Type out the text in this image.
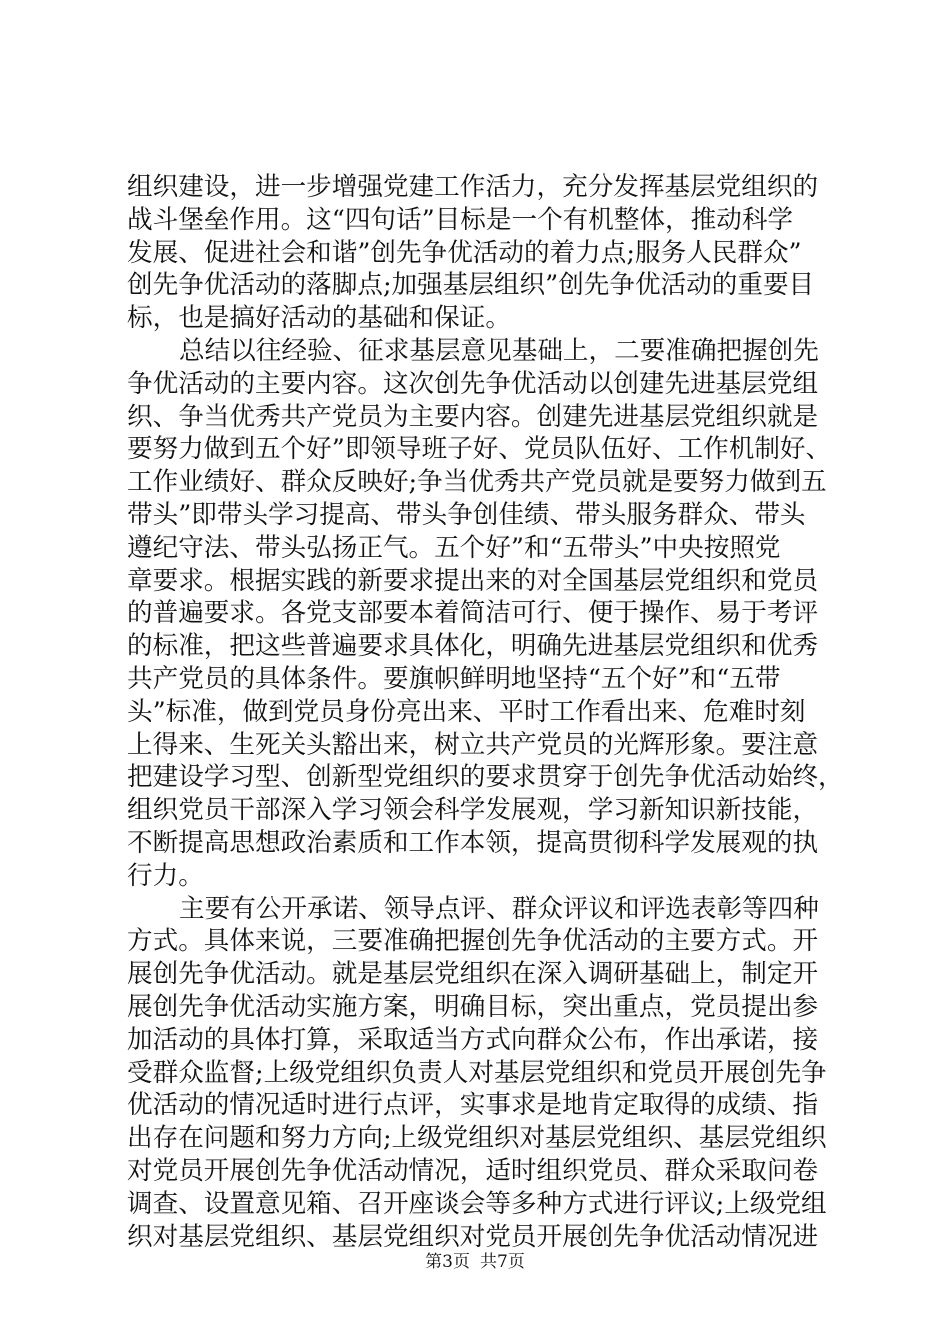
组织建设，进一步增强党建工作活力，充分发挥基层党组织的
战斗堡垒作用。这“四句话”目标是一个有机整体，推动科学
发展、促进社会和谐”创先争优活动的着力点;服务人民群众”
创先争优活动的落脚点;加强基层组织”创先争优活动的重要目
标，也是搞好活动的基础和保证。
总结以往经验、征求基层意见基础上，二要准确把握创先
争优活动的主要内容。这次创先争优活动以创建先进基层党组
织、争当优秀共产党员为主要内容。创建先进基层党组织就是
要努力做到五个好”即领导班子好、党员队伍好、工作机制好、
工作业绩好、群众反映好;争当优秀共产党员就是要努力做到五
带头”即带头学习提高、带头争创佳绩、带头服务群众、带头
遵纪守法、带头弘扬正气。五个好”和“五带头”中央按照党
章要求。根据实践的新要求提出来的对全国基层党组织和党员
的普遍要求。各党支部要本着简洁可行、便于操作、易于考评
的标准，把这些普遍要求具体化，明确先进基层党组织和优秀
共产党员的具体条件。要旗帜鲜明地坚持“五个好”和“五带
头”标准，做到党员身份亮出来、平时工作看出来、危难时刻
上得来、生死关头豁出来，树立共产党员的光辉形象。要注意
把建设学习型、创新型党组织的要求贯穿于创先争优活动始终，
组织党员干部深入学习领会科学发展观，学习新知识新技能，
不断提高思想政治素质和工作本领，提高贯彻科学发展观的执
行力。
主要有公开承诺、领导点评、群众评议和评选表彰等四种
方式。具体来说，三要准确把握创先争优活动的主要方式。开
展创先争优活动。就是基层党组织在深入调研基础上，制定开
展创先争优活动实施方案，明确目标，突出重点，党员提出参
加活动的具体打算，采取适当方式向群众公布，作出承诺，接
受群众监督;上级党组织负责人对基层党组织和党员开展创先争
优活动的情况适时进行点评，实事求是地肯定取得的成绩、指
出存在问题和努力方向;上级党组织对基层党组织、基层党组织
对党员开展创先争优活动情况，适时组织党员、群众采取问卷
调查、设置意见箱、召开座谈会等多种方式进行评议;上级党组
织对基层党组织、基层党组织对党员开展创先争优活动情况进
第3页 共7页
